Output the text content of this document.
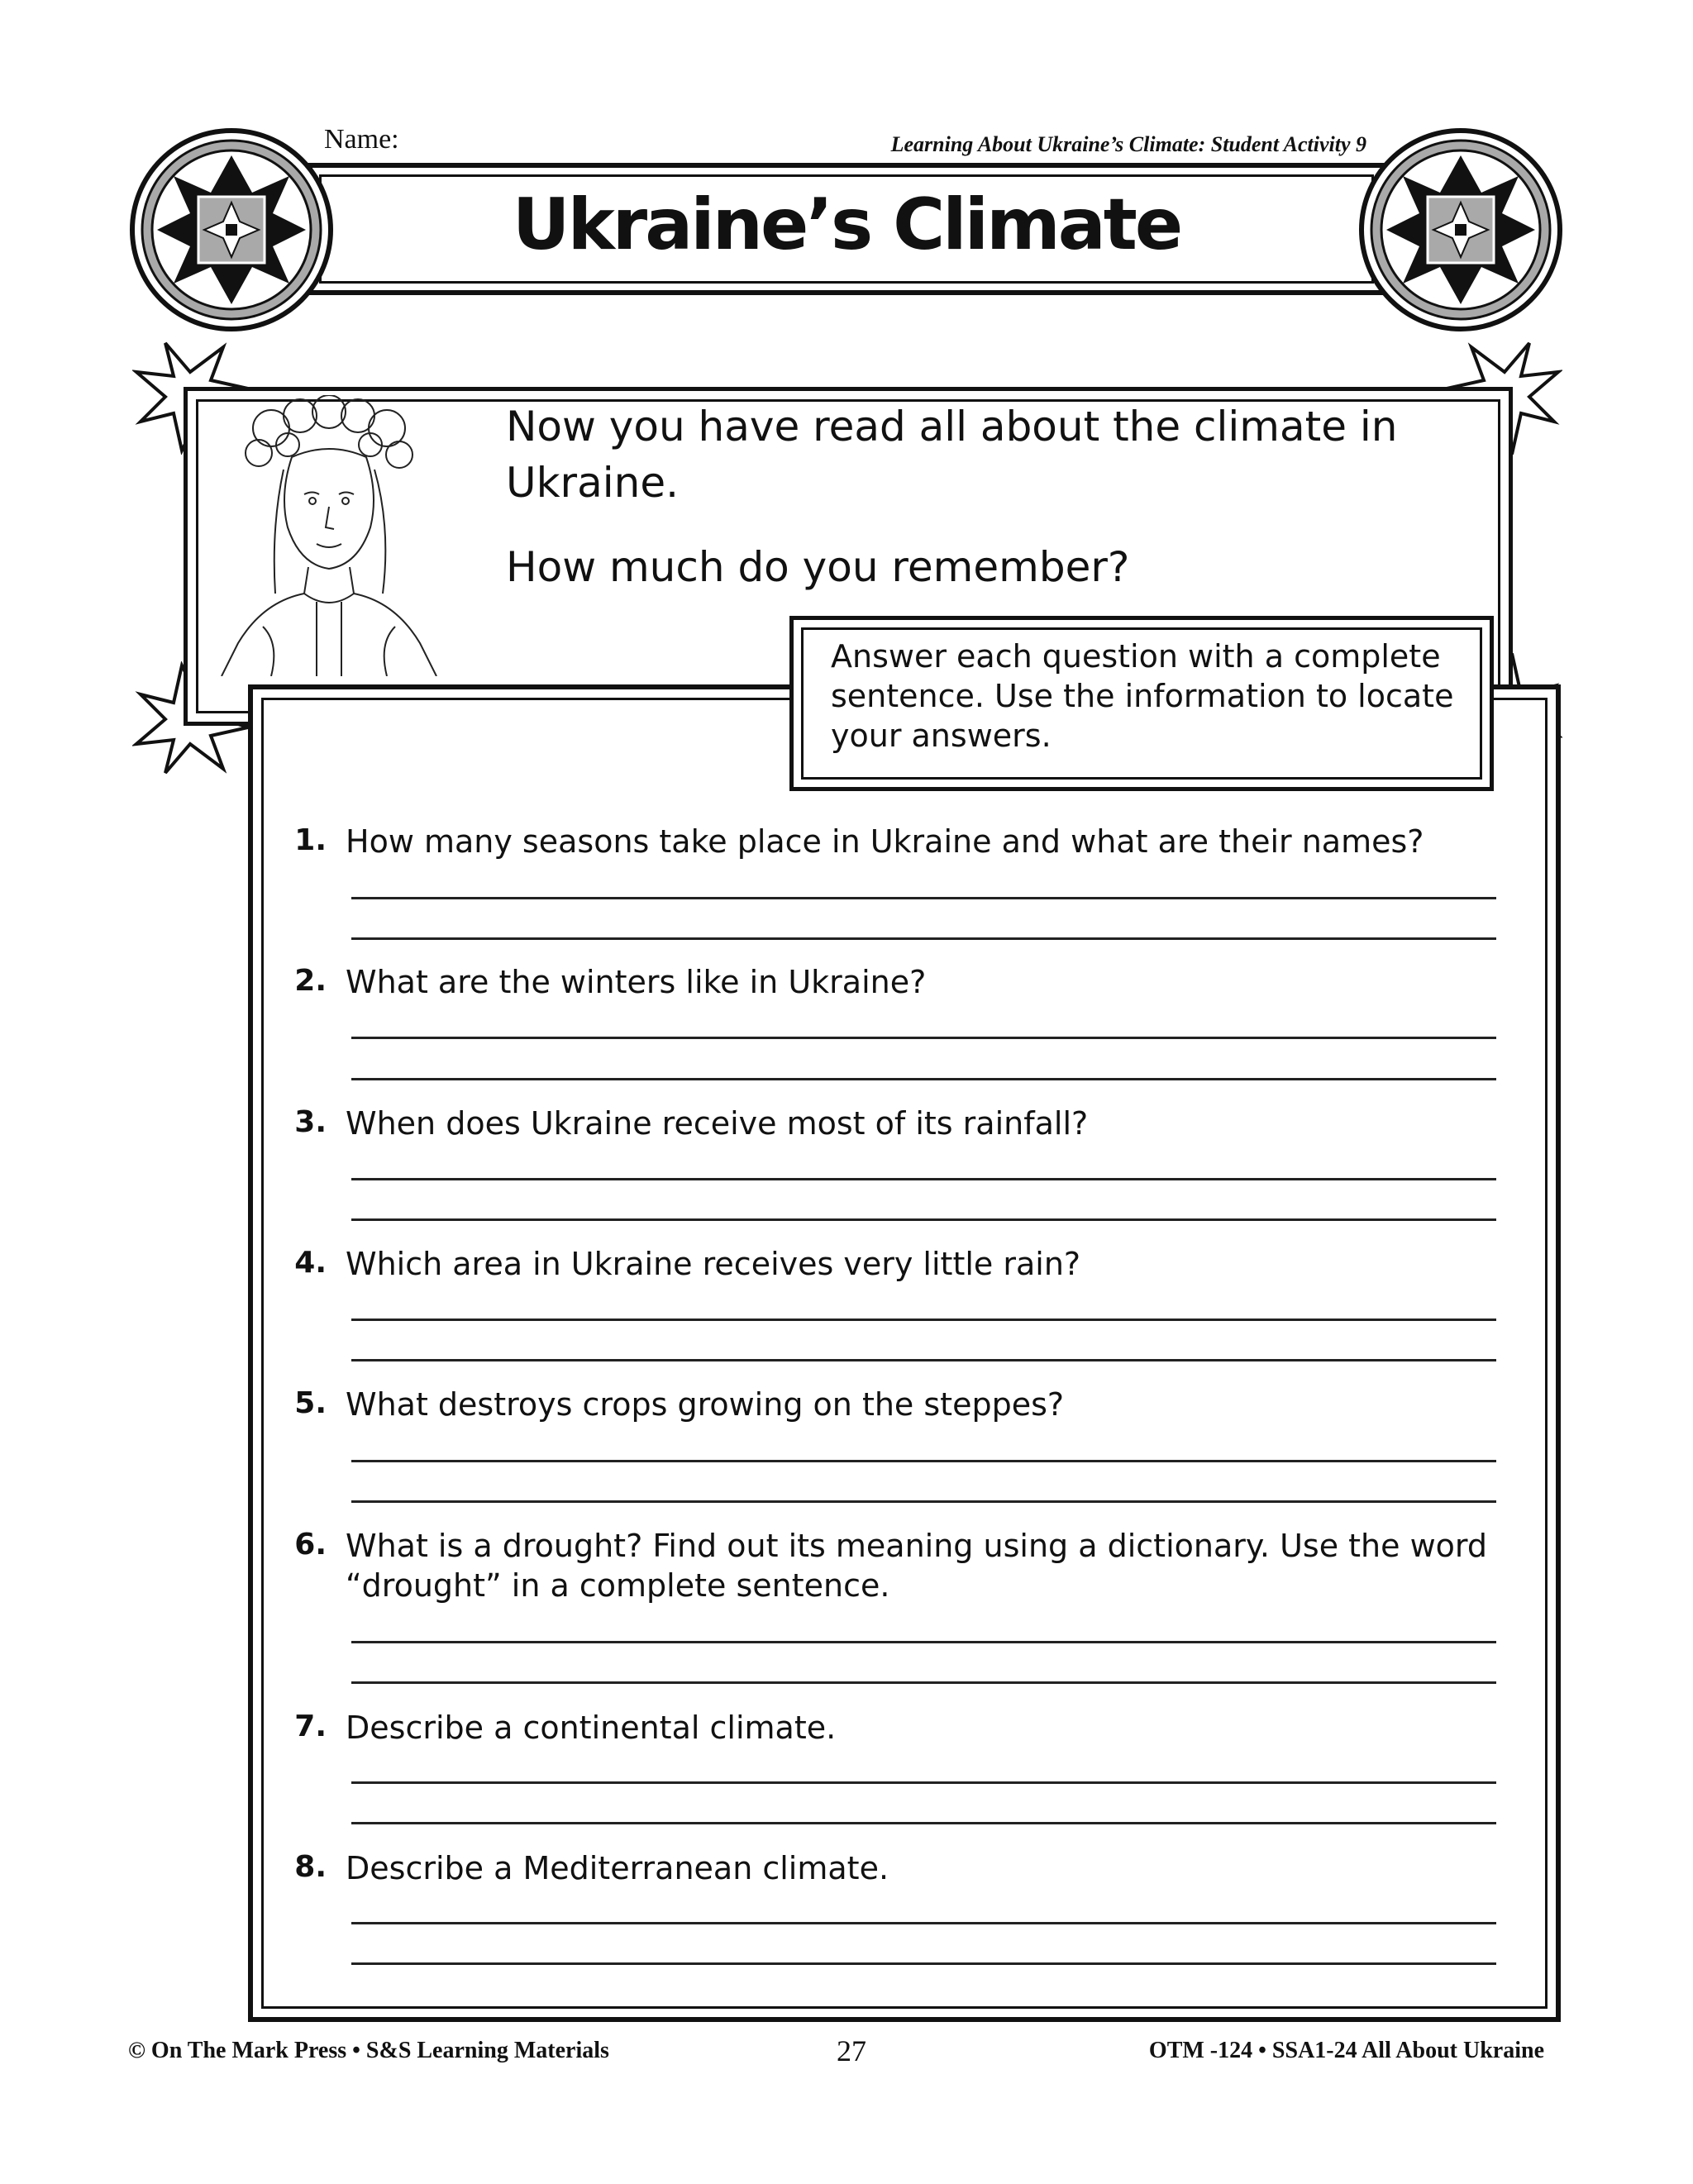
Name:	Learning About Ukraine’s Climate: Student Activity 9
Ukraine’s Climate
Now you have read all about the climate in
Ukraine.
How much do you remember?
Answer each question with a complete
sentence. Use the information to locate
your answers.
1. How many seasons take place in Ukraine and what are their names?
2. What are the winters like in Ukraine?
3. When does Ukraine receive most of its rainfall?
4. Which area in Ukraine receives very little rain?
5. What destroys crops growing on the steppes?
6. What is a drought? Find out its meaning using a dictionary. Use the word
“drought” in a complete sentence.
7. Describe a continental climate.
8. Describe a Mediterranean climate.
© On The Mark Press • S&S Learning Materials	27	OTM -124 • SSA1-24 All About Ukraine
